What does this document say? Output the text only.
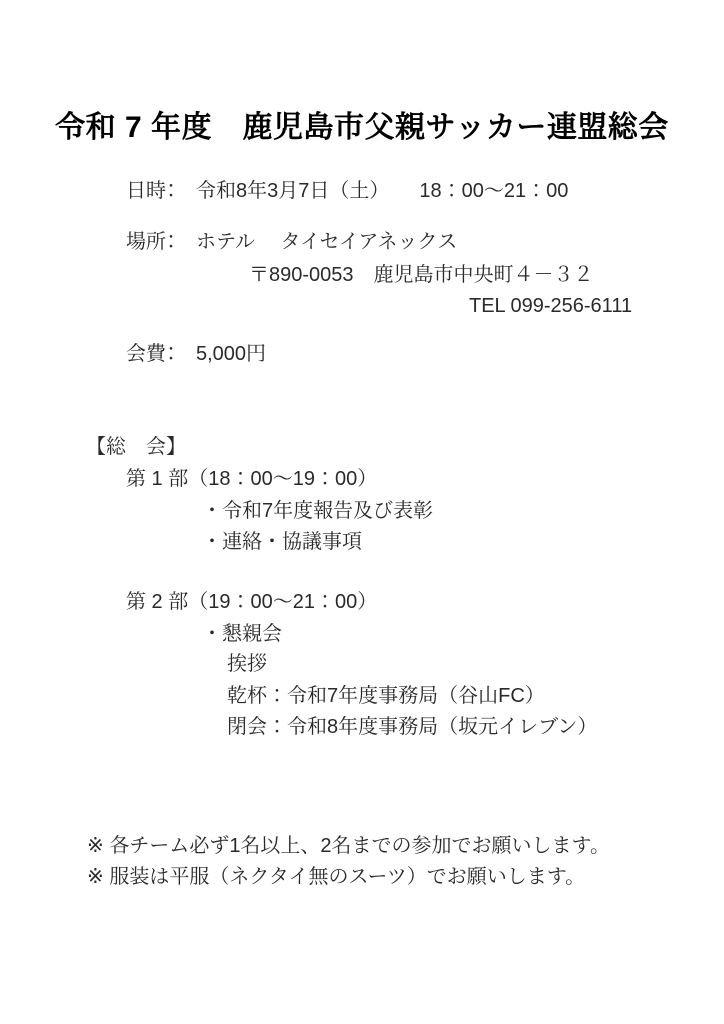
令和 7 年度　鹿児島市父親サッカー連盟総会
日時：　令和8年3月7日（土）　　18：00～21：00
場所：　ホテル　 タイセイアネックス
〒890-0053　鹿児島市中央町４－３２
TEL 099-256-6111
会費：　5,000円
【総　会】
第 1 部（18：00～19：00）
・令和7年度報告及び表彰
・連絡・協議事項
第 2 部（19：00～21：00）
・懇親会
挨拶
乾杯：令和7年度事務局（谷山FC）
閉会：令和8年度事務局（坂元イレブン）
※ 各チーム必ず1名以上、2名までの参加でお願いします。
※ 服装は平服（ネクタイ無のスーツ）でお願いします。
